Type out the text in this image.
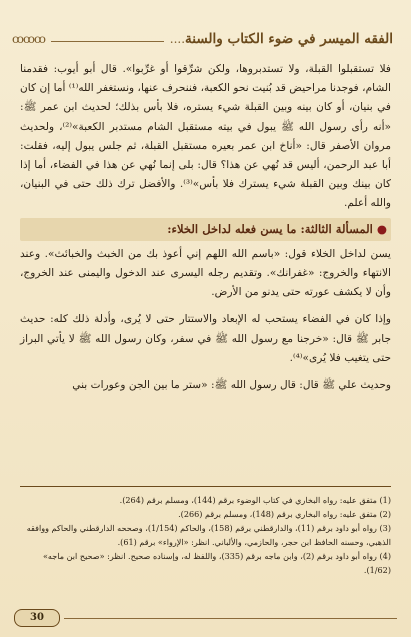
الفقه الميسر في ضوء الكتاب والسنة
....
ꝏꝏꝏ

فلا تستقبلوا القبلة، ولا تستدبروها، ولكن شرِّقوا أو غرِّبوا». قال أبو أيوب: فقدمنا الشام، فوجدنا مراحيض قد بُنيت نحو الكعبة، فننحرف عنها، ونستغفر الله⁽¹⁾ أما إن كان في بنيان، أو كان بينه وبين القبلة شيء يستره، فلا بأس بذلك؛ لحديث ابن عمر ﷺ: «أنه رأى رسول الله ﷺ يبول في بيته مستقبل الشام مستدبر الكعبة»⁽²⁾، ولحديث مروان الأصفر قال: «أناخ ابن عمر بعيره مستقبل القبلة، ثم جلس يبول إليه، فقلت: أبا عبد الرحمن، أليس قد نُهي عن هذا؟ قال: بلى إنما نُهي عن هذا في الفضاء، أما إذا كان بينك وبين القبلة شيء يسترك فلا بأس»⁽³⁾. والأفضل ترك ذلك حتى في البنيان، والله أعلم.

●المسألة الثالثة: ما يسن فعله لداخل الخلاء:

يسن لداخل الخلاء قول: «باسم الله اللهم إني أعوذ بك من الخبث والخبائث». وعند الانتهاء والخروج: «غفرانك». وتقديم رجله اليسرى عند الدخول واليمنى عند الخروج، وأن لا يكشف عورته حتى يدنو من الأرض.

وإذا كان في الفضاء يستحب له الإبعاد والاستتار حتى لا يُرى، وأدلة ذلك كله: حديث جابر ﷺ قال: «خرجنا مع رسول الله ﷺ في سفر، وكان رسول الله ﷺ لا يأتي البراز حتى يتغيب فلا يُرى»⁽⁴⁾.

وحديث علي ﷺ قال: قال رسول الله ﷺ: «ستر ما بين الجن وعورات بني

(1) متفق عليه: رواه البخاري في كتاب الوضوء برقم (144)، ومسلم برقم (264).

(2) متفق عليه: رواه البخاري برقم (148)، ومسلم برقم (266).

(3) رواه أبو داود برقم (11)، والدارقطني برقم (158)، والحاكم (1/154)، وصححه الدارقطني والحاكم ووافقه الذهبي، وحسنه الحافظ ابن حجر، والحازمي، والألباني. انظر: «الإرواء» برقم (61).

(4) رواه أبو داود برقم (2)، وابن ماجه برقم (335)، واللفظ له، وإسناده صحيح. انظر: «صحيح ابن ماجه» (1/62).

30
